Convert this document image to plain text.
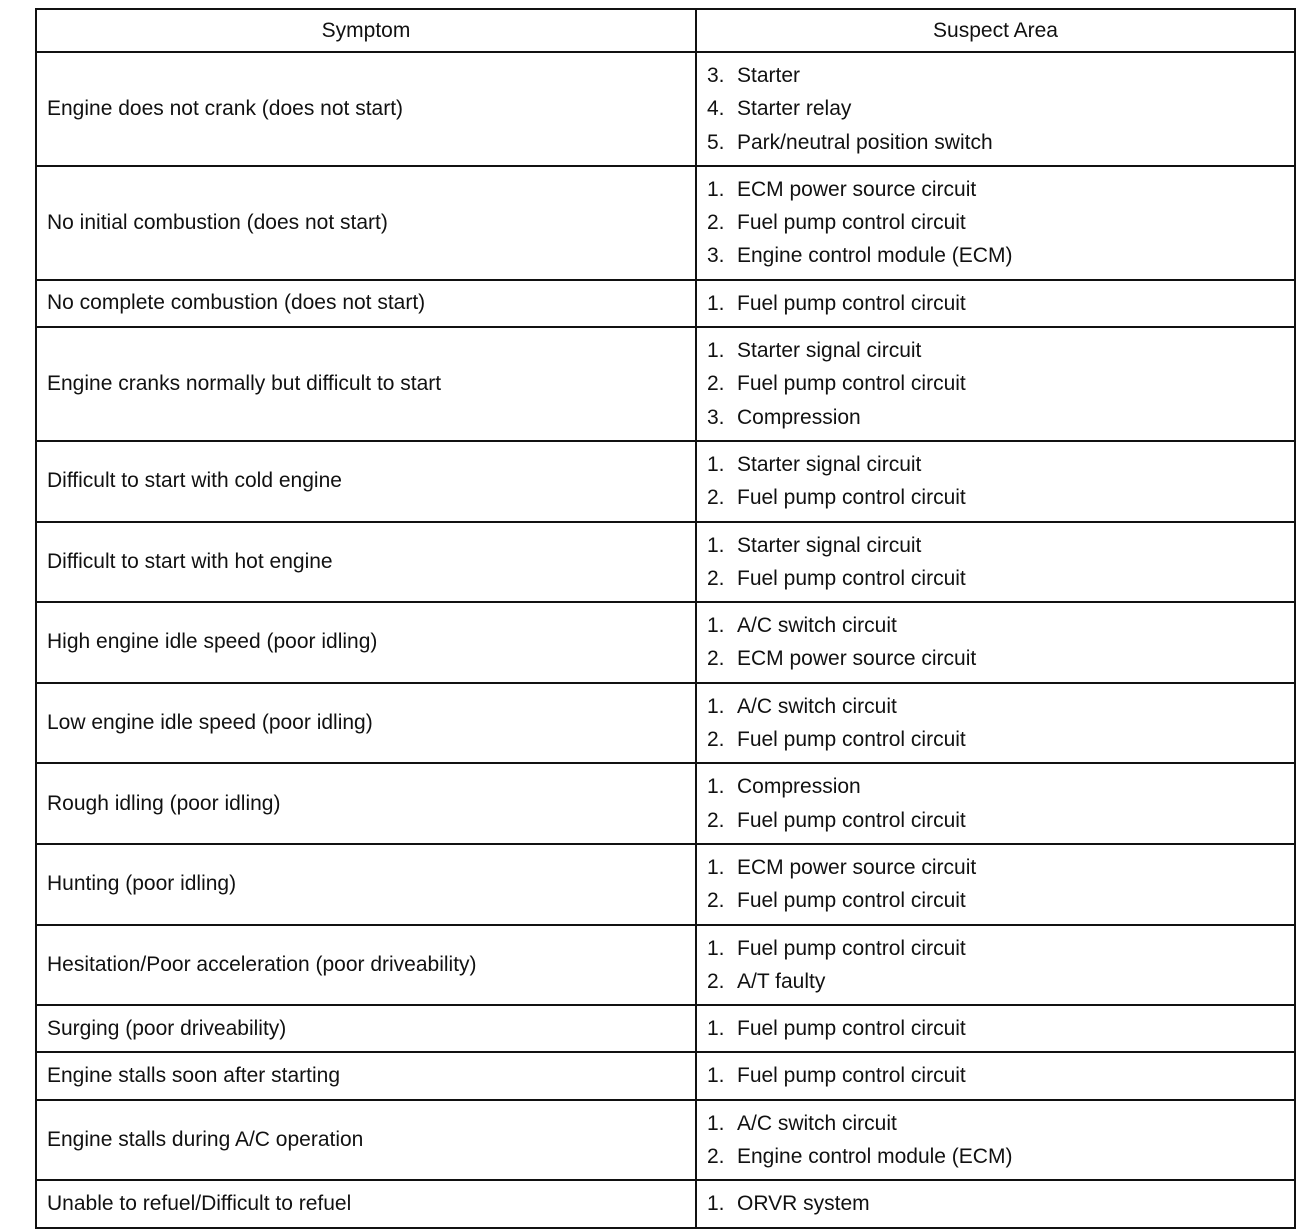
Symptom	Suspect Area
Engine does not crank (does not start)	3. Starter
4. Starter relay
5. Park/neutral position switch

No initial combustion (does not start)	1. ECM power source circuit
2. Fuel pump control circuit
3. Engine control module (ECM)

No complete combustion (does not start)	1. Fuel pump control circuit

Engine cranks normally but difficult to start	1. Starter signal circuit
2. Fuel pump control circuit
3. Compression

Difficult to start with cold engine	1. Starter signal circuit
2. Fuel pump control circuit

Difficult to start with hot engine	1. Starter signal circuit
2. Fuel pump control circuit

High engine idle speed (poor idling)	1. A/C switch circuit
2. ECM power source circuit

Low engine idle speed (poor idling)	1. A/C switch circuit
2. Fuel pump control circuit

Rough idling (poor idling)	1. Compression
2. Fuel pump control circuit

Hunting (poor idling)	1. ECM power source circuit
2. Fuel pump control circuit

Hesitation/Poor acceleration (poor driveability)	1. Fuel pump control circuit
2. A/T faulty

Surging (poor driveability)	1. Fuel pump control circuit

Engine stalls soon after starting	1. Fuel pump control circuit

Engine stalls during A/C operation	1. A/C switch circuit
2. Engine control module (ECM)

Unable to refuel/Difficult to refuel	1. ORVR system
